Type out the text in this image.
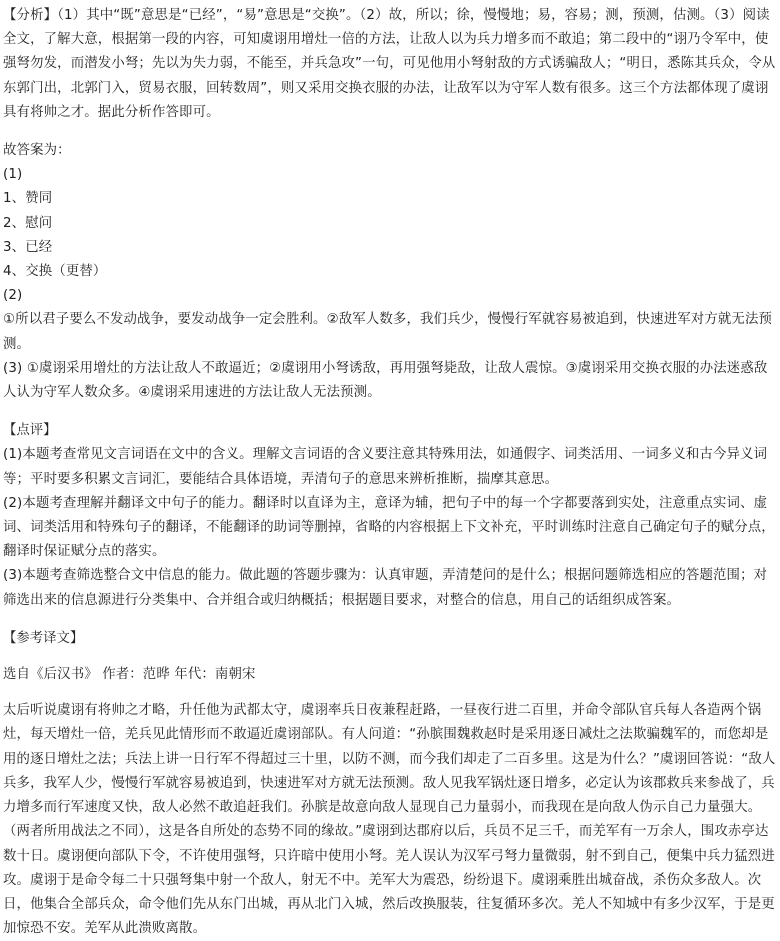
【分析】（1）其中“既”意思是“已经”，“易”意思是“交换”。（2）故，所以；徐，慢慢地；易，容易；测，预测，估测。（3）阅读全文，了解大意，根据第一段的内容，可知虞诩用增灶一倍的方法，让敌人以为兵力增多而不敢追；第二段中的“诩乃令军中，使强弩勿发，而潜发小弩；先以为失力弱，不能至，并兵急攻”一句，可见他用小弩射敌的方式诱骗敌人；“明日，悉陈其兵众，令从东郭门出，北郭门入，贸易衣服，回转数周”，则又采用交换衣服的办法，让敌军以为守军人数有很多。这三个方法都体现了虞诩具有将帅之才。据此分析作答即可。

故答案为：

(1)

1、赞同

2、慰问

3、已经

4、交换（更替）

(2)

①所以君子要么不发动战争，要发动战争一定会胜利。②敌军人数多，我们兵少，慢慢行军就容易被追到，快速进军对方就无法预测。

(3) ①虞诩采用增灶的方法让敌人不敢逼近；②虞诩用小弩诱敌，再用强弩毙敌，让敌人震惊。③虞诩采用交换衣服的办法迷惑敌人认为守军人数众多。④虞诩采用速进的方法让敌人无法预测。

【点评】

(1)本题考查常见文言词语在文中的含义。理解文言词语的含义要注意其特殊用法，如通假字、词类活用、一词多义和古今异义词等；平时要多积累文言词汇，要能结合具体语境，弄清句子的意思来辨析推断，揣摩其意思。

(2)本题考查理解并翻译文中句子的能力。翻译时以直译为主，意译为辅，把句子中的每一个字都要落到实处，注意重点实词、虚词、词类活用和特殊句子的翻译，不能翻译的助词等删掉，省略的内容根据上下文补充，平时训练时注意自己确定句子的赋分点，翻译时保证赋分点的落实。

(3)本题考查筛选整合文中信息的能力。做此题的答题步骤为：认真审题，弄清楚问的是什么；根据问题筛选相应的答题范围；对筛选出来的信息源进行分类集中、合并组合或归纳概括；根据题目要求，对整合的信息，用自己的话组织成答案。

【参考译文】

选自《后汉书》 作者：范晔 年代：南朝宋

太后听说虞诩有将帅之才略，升任他为武都太守，虞诩率兵日夜兼程赶路，一昼夜行进二百里，并命令部队官兵每人各造两个锅灶，每天增灶一倍，羌兵见此情形而不敢逼近虞诩部队。有人问道：“孙膑围魏救赵时是采用逐日减灶之法欺骗魏军的，而您却是用的逐日增灶之法；兵法上讲一日行军不得超过三十里，以防不测，而今我们却走了二百多里。这是为什么？”虞诩回答说：“敌人兵多，我军人少，慢慢行军就容易被追到，快速进军对方就无法预测。敌人见我军锅灶逐日增多，必定认为该郡救兵来参战了，兵力增多而行军速度又快，敌人必然不敢追赶我们。孙膑是故意向敌人显现自己力量弱小，而我现在是向敌人伪示自己力量强大。（两者所用战法之不同），这是各自所处的态势不同的缘故。”虞诩到达郡府以后，兵员不足三千，而羌军有一万余人，围攻赤亭达数十日。虞诩便向部队下令，不许使用强弩，只许暗中使用小弩。羌人误认为汉军弓弩力量微弱，射不到自己，便集中兵力猛烈进攻。虞诩于是命令每二十只强弩集中射一个敌人，射无不中。羌军大为震恐，纷纷退下。虞诩乘胜出城奋战，杀伤众多敌人。次日，他集合全部兵众，命令他们先从东门出城，再从北门入城，然后改换服装，往复循环多次。羌人不知城中有多少汉军，于是更加惊恐不安。羌军从此溃败离散。
